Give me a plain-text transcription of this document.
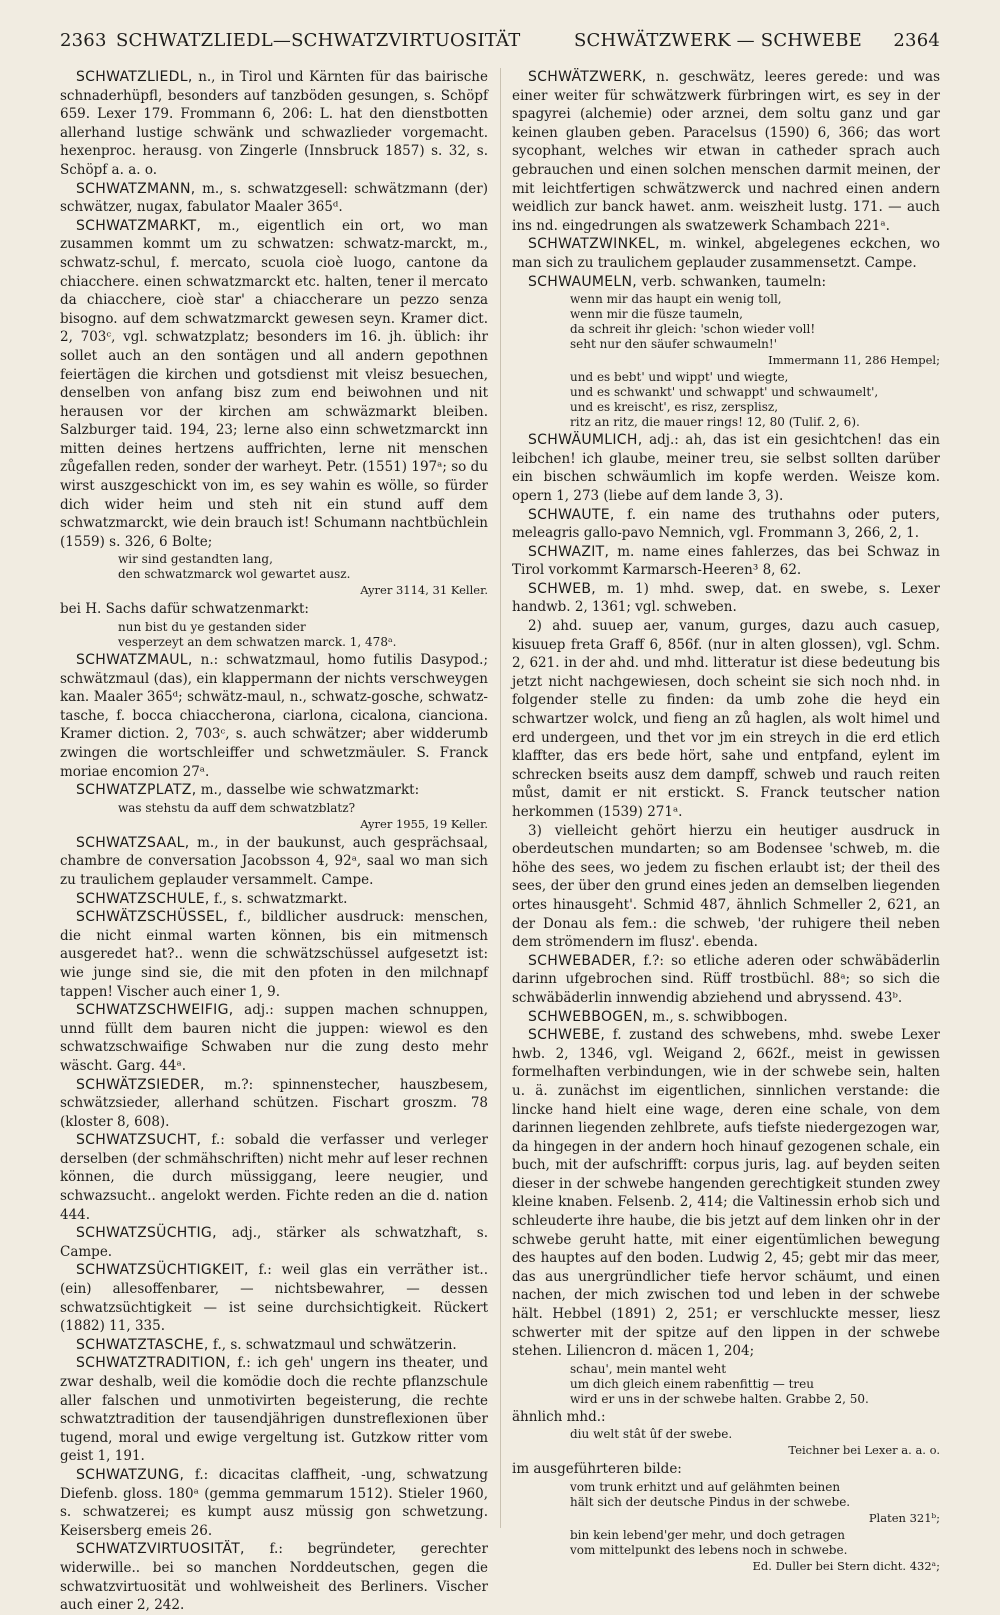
2363 SCHWATZLIEDL—SCHWATZVIRTUOSITÄT	SCHWÄTZWERK — SCHWEBE 2364

SCHWATZLIEDL, n., in Tirol und Kärnten für das bairische schnaderhüpfl, besonders auf tanzböden gesungen, s. Schöpf 659. Lexer 179. Frommann 6, 206: L. hat den dienstbotten allerhand lustige schwänk und schwazlieder vorgemacht. hexenproc. herausg. von Zingerle (Innsbruck 1857) s. 32, s. Schöpf a. a. o.

SCHWATZMANN, m., s. schwatzgesell: schwätzmann (der) schwätzer, nugax, fabulator Maaler 365ᵈ.

SCHWATZMARKT, m., eigentlich ein ort, wo man zusammen kommt um zu schwatzen: schwatz-marckt, m., schwatz-schul, f. mercato, scuola cioè luogo, cantone da chiacchere. einen schwatzmarckt etc. halten, tener il mercato da chiacchere, cioè star' a chiaccherare un pezzo senza bisogno. auf dem schwatzmarckt gewesen seyn. Kramer dict. 2, 703ᶜ, vgl. schwatzplatz; besonders im 16. jh. üblich: ihr sollet auch an den sontägen und all andern gepothnen feiertägen die kirchen und gotsdienst mit vleisz besuechen, denselben von anfang bisz zum end beiwohnen und nit herausen vor der kirchen am schwäzmarkt bleiben. Salzburger taid. 194, 23; lerne also einn schwetzmarckt inn mitten deines hertzens auffrichten, lerne nit menschen zůgefallen reden, sonder der warheyt. Petr. (1551) 197ᵃ; so du wirst auszgeschickt von im, es sey wahin es wölle, so fürder dich wider heim und steh nit ein stund auff dem schwatzmarckt, wie dein brauch ist! Schumann nachtbüchlein (1559) s. 326, 6 Bolte;

wir sind gestandten lang,
den schwatzmarck wol gewartet ausz.

Ayrer 3114, 31 Keller.

bei H. Sachs dafür schwatzenmarkt:

nun bist du ye gestanden sider
vesperzeyt an dem schwatzen marck. 1, 478ᵃ.

SCHWATZMAUL, n.: schwatzmaul, homo futilis Dasypod.; schwätzmaul (das), ein klappermann der nichts verschweygen kan. Maaler 365ᵈ; schwätz-maul, n., schwatz-gosche, schwatz-tasche, f. bocca chiaccherona, ciarlona, cicalona, cianciona. Kramer diction. 2, 703ᶜ, s. auch schwätzer; aber widderumb zwingen die wortschleiffer und schwetzmäuler. S. Franck moriae encomion 27ᵃ.

SCHWATZPLATZ, m., dasselbe wie schwatzmarkt:

was stehstu da auff dem schwatzblatz?

Ayrer 1955, 19 Keller.

SCHWATZSAAL, m., in der baukunst, auch gesprächsaal, chambre de conversation Jacobsson 4, 92ᵃ, saal wo man sich zu traulichem geplauder versammelt. Campe.

SCHWATZSCHULE, f., s. schwatzmarkt.

SCHWÄTZSCHÜSSEL, f., bildlicher ausdruck: menschen, die nicht einmal warten können, bis ein mitmensch ausgeredet hat?.. wenn die schwätzschüssel aufgesetzt ist: wie junge sind sie, die mit den pfoten in den milchnapf tappen! Vischer auch einer 1, 9.

SCHWATZSCHWEIFIG, adj.: suppen machen schnuppen, unnd füllt dem bauren nicht die juppen: wiewol es den schwatzschwaifige Schwaben nur die zung desto mehr wäscht. Garg. 44ᵃ.

SCHWÄTZSIEDER, m.?: spinnenstecher, hauszbesem, schwätzsieder, allerhand schützen. Fischart groszm. 78 (kloster 8, 608).

SCHWATZSUCHT, f.: sobald die verfasser und verleger derselben (der schmähschriften) nicht mehr auf leser rechnen können, die durch müssiggang, leere neugier, und schwazsucht.. angelokt werden. Fichte reden an die d. nation 444.

SCHWATZSÜCHTIG, adj., stärker als schwatzhaft, s. Campe.

SCHWATZSÜCHTIGKEIT, f.: weil glas ein verräther ist.. (ein) allesoffenbarer, — nichtsbewahrer, — dessen schwatzsüchtigkeit — ist seine durchsichtigkeit. Rückert (1882) 11, 335.

SCHWATZTASCHE, f., s. schwatzmaul und schwätzerin.

SCHWATZTRADITION, f.: ich geh' ungern ins theater, und zwar deshalb, weil die komödie doch die rechte pflanzschule aller falschen und unmotivirten begeisterung, die rechte schwatztradition der tausendjährigen dunstreflexionen über tugend, moral und ewige vergeltung ist. Gutzkow ritter vom geist 1, 191.

SCHWATZUNG, f.: dicacitas claffheit, -ung, schwatzung Diefenb. gloss. 180ᵃ (gemma gemmarum 1512). Stieler 1960, s. schwatzerei; es kumpt ausz müssig gon schwetzung. Keisersberg emeis 26.

SCHWATZVIRTUOSITÄT, f.: begründeter, gerechter widerwille.. bei so manchen Norddeutschen, gegen die schwatzvirtuosität und wohlweisheit des Berliners. Vischer auch einer 2, 242.

SCHWÄTZWERK, n. geschwätz, leeres gerede: und was einer weiter für schwätzwerk fürbringen wirt, es sey in der spagyrei (alchemie) oder arznei, dem soltu ganz und gar keinen glauben geben. Paracelsus (1590) 6, 366; das wort sycophant, welches wir etwan in catheder sprach auch gebrauchen und einen solchen menschen darmit meinen, der mit leichtfertigen schwätzwerck und nachred einen andern weidlich zur banck hawet. anm. weiszheit lustg. 171. — auch ins nd. eingedrungen als swatzewerk Schambach 221ᵃ.

SCHWATZWINKEL, m. winkel, abgelegenes eckchen, wo man sich zu traulichem geplauder zusammensetzt. Campe.

SCHWAUMELN, verb. schwanken, taumeln:

wenn mir das haupt ein wenig toll,
wenn mir die füsze taumeln,
da schreit ihr gleich: 'schon wieder voll!
seht nur den säufer schwaumeln!'

Immermann 11, 286 Hempel;

und es bebt' und wippt' und wiegte,
und es schwankt' und schwappt' und schwaumelt',
und es kreischt', es risz, zersplisz,
ritz an ritz, die mauer rings! 12, 80 (Tulif. 2, 6).

SCHWÄUMLICH, adj.: ah, das ist ein gesichtchen! das ein leibchen! ich glaube, meiner treu, sie selbst sollten darüber ein bischen schwäumlich im kopfe werden. Weisze kom. opern 1, 273 (liebe auf dem lande 3, 3).

SCHWAUTE, f. ein name des truthahns oder puters, meleagris gallo-pavo Nemnich, vgl. Frommann 3, 266, 2, 1.

SCHWAZIT, m. name eines fahlerzes, das bei Schwaz in Tirol vorkommt Karmarsch-Heeren³ 8, 62.

SCHWEB, m. 1) mhd. swep, dat. en swebe, s. Lexer handwb. 2, 1361; vgl. schweben.

2) ahd. suuep aer, vanum, gurges, dazu auch casuep, kisuuep freta Graff 6, 856f. (nur in alten glossen), vgl. Schm. 2, 621. in der ahd. und mhd. litteratur ist diese bedeutung bis jetzt nicht nachgewiesen, doch scheint sie sich noch nhd. in folgender stelle zu finden: da umb zohe die heyd ein schwartzer wolck, und fieng an zů haglen, als wolt himel und erd undergeen, und thet vor jm ein streych in die erd etlich klaffter, das ers bede hört, sahe und entpfand, eylent im schrecken bseits ausz dem dampff, schweb und rauch reiten můst, damit er nit erstickt. S. Franck teutscher nation herkommen (1539) 271ᵃ.

3) vielleicht gehört hierzu ein heutiger ausdruck in oberdeutschen mundarten; so am Bodensee 'schweb, m. die höhe des sees, wo jedem zu fischen erlaubt ist; der theil des sees, der über den grund eines jeden an demselben liegenden ortes hinausgeht'. Schmid 487, ähnlich Schmeller 2, 621, an der Donau als fem.: die schweb, 'der ruhigere theil neben dem strömendern im flusz'. ebenda.

SCHWEBADER, f.?: so etliche aderen oder schwäbäderlin darinn ufgebrochen sind. Rüff trostbüchl. 88ᵃ; so sich die schwäbäderlin innwendig abziehend und abryssend. 43ᵇ.

SCHWEBBOGEN, m., s. schwibbogen.

SCHWEBE, f. zustand des schwebens, mhd. swebe Lexer hwb. 2, 1346, vgl. Weigand 2, 662f., meist in gewissen formelhaften verbindungen, wie in der schwebe sein, halten u. ä. zunächst im eigentlichen, sinnlichen verstande: die lincke hand hielt eine wage, deren eine schale, von dem darinnen liegenden zehlbrete, aufs tiefste niedergezogen war, da hingegen in der andern hoch hinauf gezogenen schale, ein buch, mit der aufschrifft: corpus juris, lag. auf beyden seiten dieser in der schwebe hangenden gerechtigkeit stunden zwey kleine knaben. Felsenb. 2, 414; die Valtinessin erhob sich und schleuderte ihre haube, die bis jetzt auf dem linken ohr in der schwebe geruht hatte, mit einer eigentümlichen bewegung des hauptes auf den boden. Ludwig 2, 45; gebt mir das meer, das aus unergründlicher tiefe hervor schäumt, und einen nachen, der mich zwischen tod und leben in der schwebe hält. Hebbel (1891) 2, 251; er verschluckte messer, liesz schwerter mit der spitze auf den lippen in der schwebe stehen. Liliencron d. mäcen 1, 204;

schau', mein mantel weht
um dich gleich einem rabenfittig — treu
wird er uns in der schwebe halten. Grabbe 2, 50.

ähnlich mhd.:

diu welt stât ûf der swebe.

Teichner bei Lexer a. a. o.

im ausgeführteren bilde:

vom trunk erhitzt und auf gelähmten beinen
hält sich der deutsche Pindus in der schwebe.

Platen 321ᵇ;

bin kein lebend'ger mehr, und doch getragen
vom mittelpunkt des lebens noch in schwebe.

Ed. Duller bei Stern dicht. 432ᵃ;
